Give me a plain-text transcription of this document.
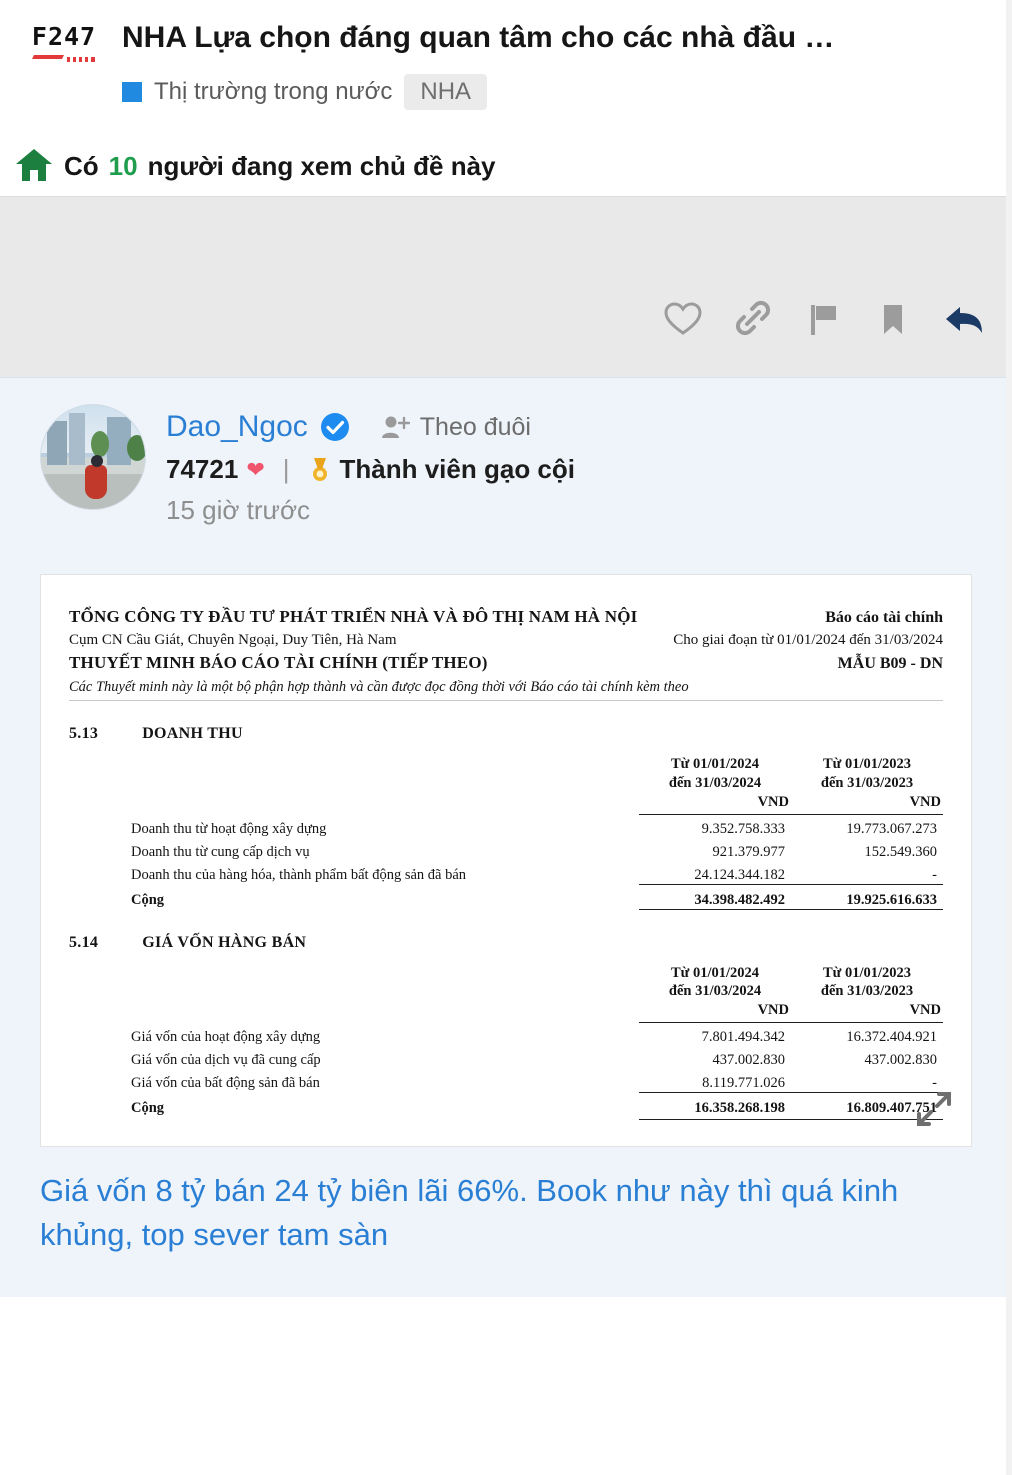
F247 NHA Lựa chọn đáng quan tâm cho các nhà đầu …
Thị trường trong nước	NHA
Có 10 người đang xem chủ đề này
Dao_Ngoc	Theo đuôi
74721 ❤ | Thành viên gạo cội
15 giờ trước
TỔNG CÔNG TY ĐẦU TƯ PHÁT TRIỂN NHÀ VÀ ĐÔ THỊ NAM HÀ NỘI	Báo cáo tài chính
Cụm CN Cầu Giát, Chuyên Ngoại, Duy Tiên, Hà Nam	Cho giai đoạn từ 01/01/2024 đến 31/03/2024
THUYẾT MINH BÁO CÁO TÀI CHÍNH (TIẾP THEO)	MẪU B09 - DN
Các Thuyết minh này là một bộ phận hợp thành và cần được đọc đồng thời với Báo cáo tài chính kèm theo
5.13	DOANH THU
Từ 01/01/2024
đến 31/03/2024
VND
Từ 01/01/2023
đến 31/03/2023
VND
Doanh thu từ hoạt động xây dựng	9.352.758.333	19.773.067.273
Doanh thu từ cung cấp dịch vụ	921.379.977	152.549.360
Doanh thu của hàng hóa, thành phẩm bất động sản đã bán	24.124.344.182	-
Cộng	34.398.482.492	19.925.616.633
5.14	GIÁ VỐN HÀNG BÁN
Từ 01/01/2024
đến 31/03/2024
VND
Từ 01/01/2023
đến 31/03/2023
VND
Giá vốn của hoạt động xây dựng	7.801.494.342	16.372.404.921
Giá vốn của dịch vụ đã cung cấp	437.002.830	437.002.830
Giá vốn của bất động sản đã bán	8.119.771.026	-
Cộng	16.358.268.198	16.809.407.751
Giá vốn 8 tỷ bán 24 tỷ biên lãi 66%. Book như này thì quá kinh khủng, top sever tam sàn
